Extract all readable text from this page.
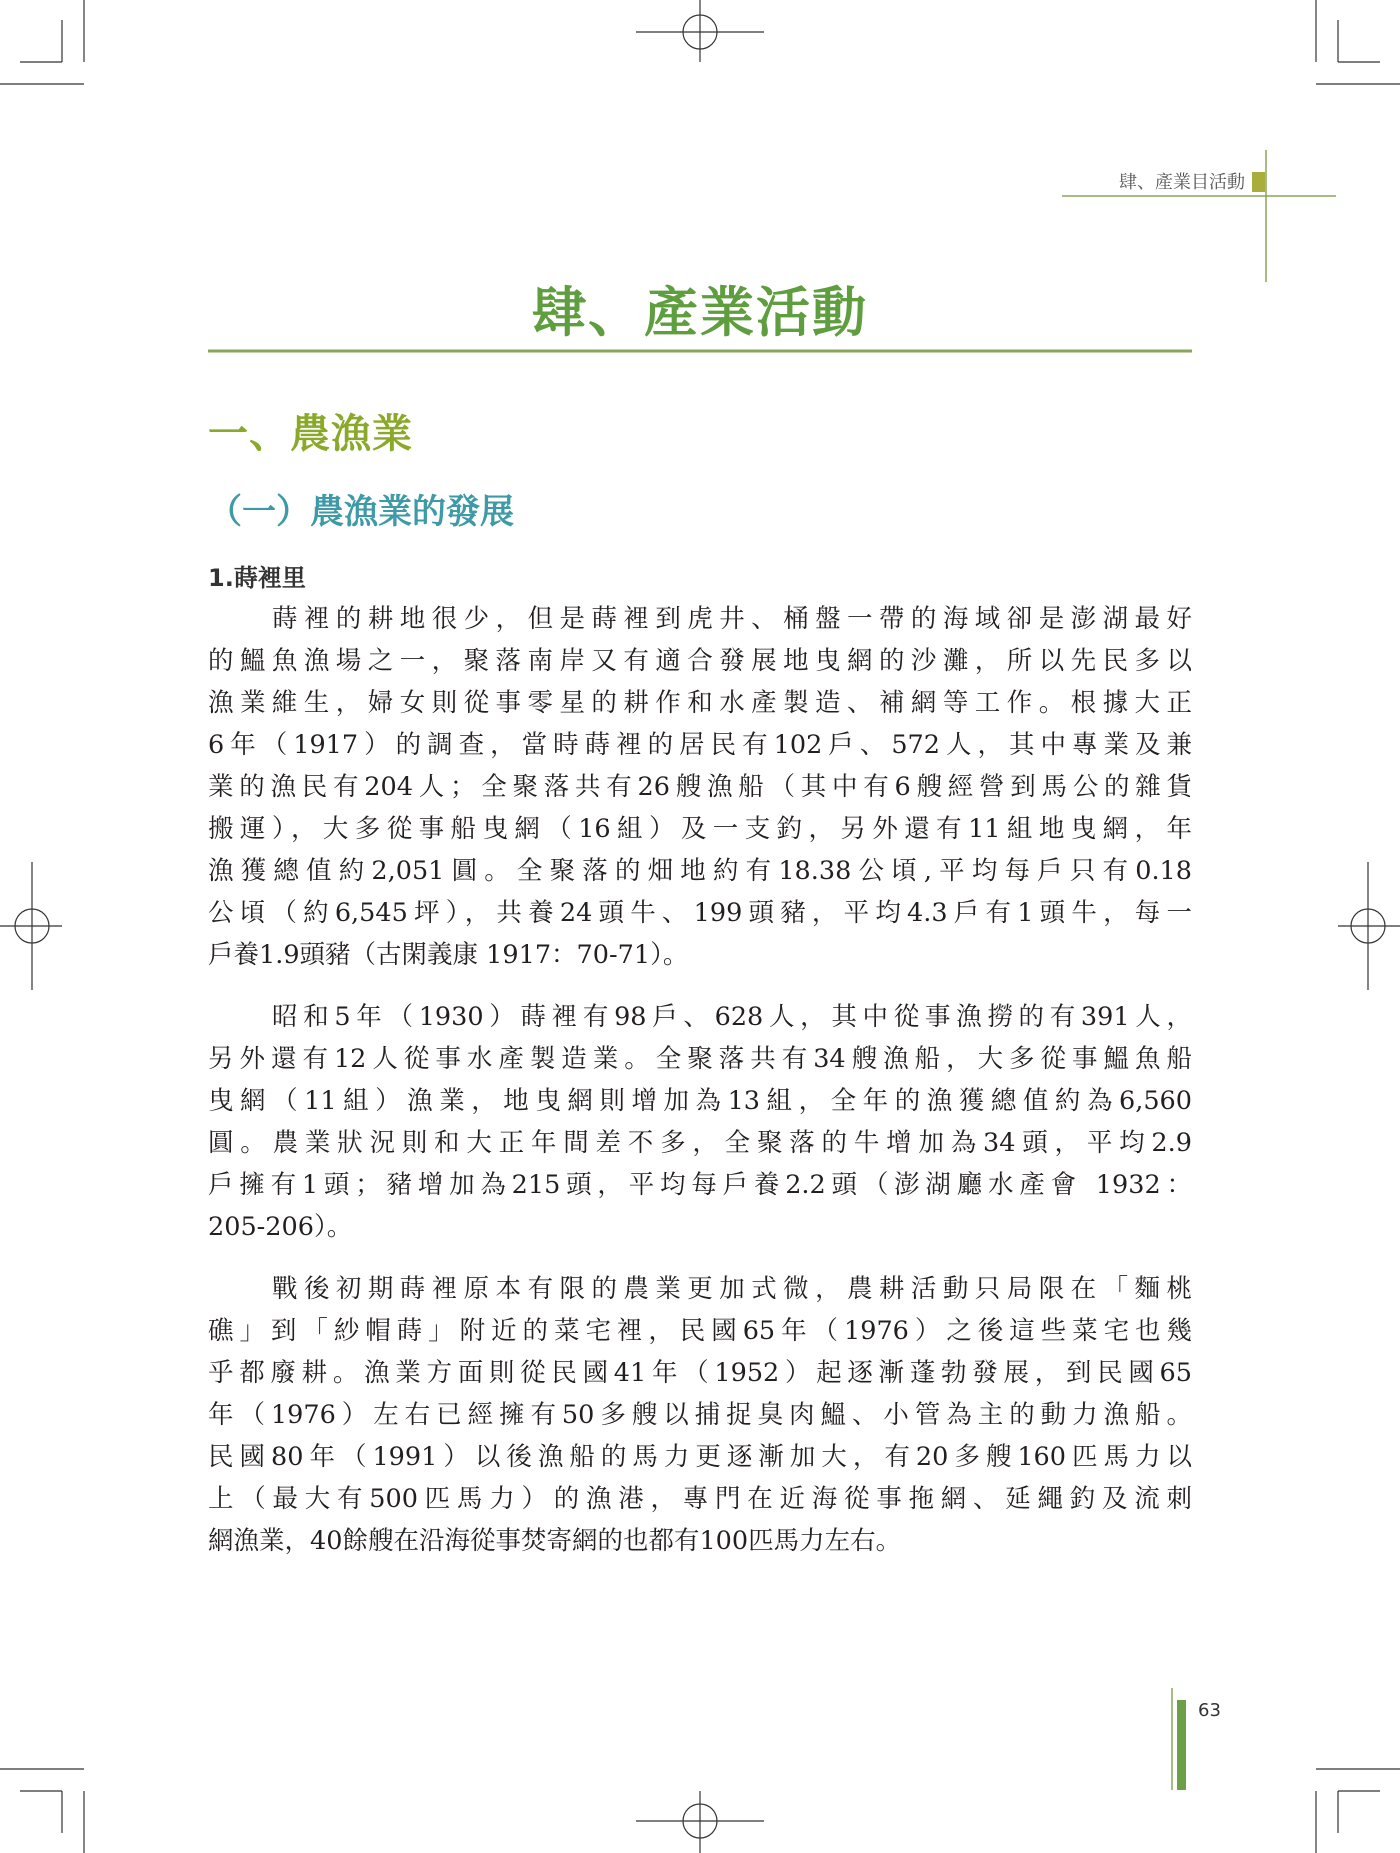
肆、產業目活動
肆、產業活動
一、農漁業
（一）農漁業的發展
1.蒔裡里
蒔裡的耕地很少，但是蒔裡到虎井、桶盤一帶的海域卻是澎湖最好
的鰮魚漁場之一，聚落南岸又有適合發展地曳網的沙灘，所以先民多以
漁業維生，婦女則從事零星的耕作和水產製造、補網等工作。根據大正
6年（1917）的調查，當時蒔裡的居民有102戶、572人，其中專業及兼
業的漁民有204人；全聚落共有26艘漁船（其中有6艘經營到馬公的雜貨
搬運），大多從事船曳網（16組）及一支釣，另外還有11組地曳網，年
漁獲總值約2,051圓。全聚落的畑地約有18.38公頃,平均每戶只有0.18
公頃（約6,545坪），共養24頭牛、199頭豬，平均4.3戶有1頭牛，每一
戶養1.9頭豬（古閑義康 1917：70-71）。
昭和5年（1930）蒔裡有98戶、628人，其中從事漁撈的有391人，
另外還有12人從事水產製造業。全聚落共有34艘漁船，大多從事鰮魚船
曳網（11組）漁業，地曳網則增加為13組，全年的漁獲總值約為6,560
圓。農業狀況則和大正年間差不多，全聚落的牛增加為34頭，平均2.9
戶擁有1頭；豬增加為215頭，平均每戶養2.2頭（澎湖廳水產會 1932：
205-206）。
戰後初期蒔裡原本有限的農業更加式微，農耕活動只局限在「麵桃
礁」到「紗帽蒔」附近的菜宅裡，民國65年（1976）之後這些菜宅也幾
乎都廢耕。漁業方面則從民國41年（1952）起逐漸蓬勃發展，到民國65
年（1976）左右已經擁有50多艘以捕捉臭肉鰮、小管為主的動力漁船。
民國80年（1991）以後漁船的馬力更逐漸加大，有20多艘160匹馬力以
上（最大有500匹馬力）的漁港，專門在近海從事拖網、延繩釣及流刺
網漁業，40餘艘在沿海從事焚寄網的也都有100匹馬力左右。
63
